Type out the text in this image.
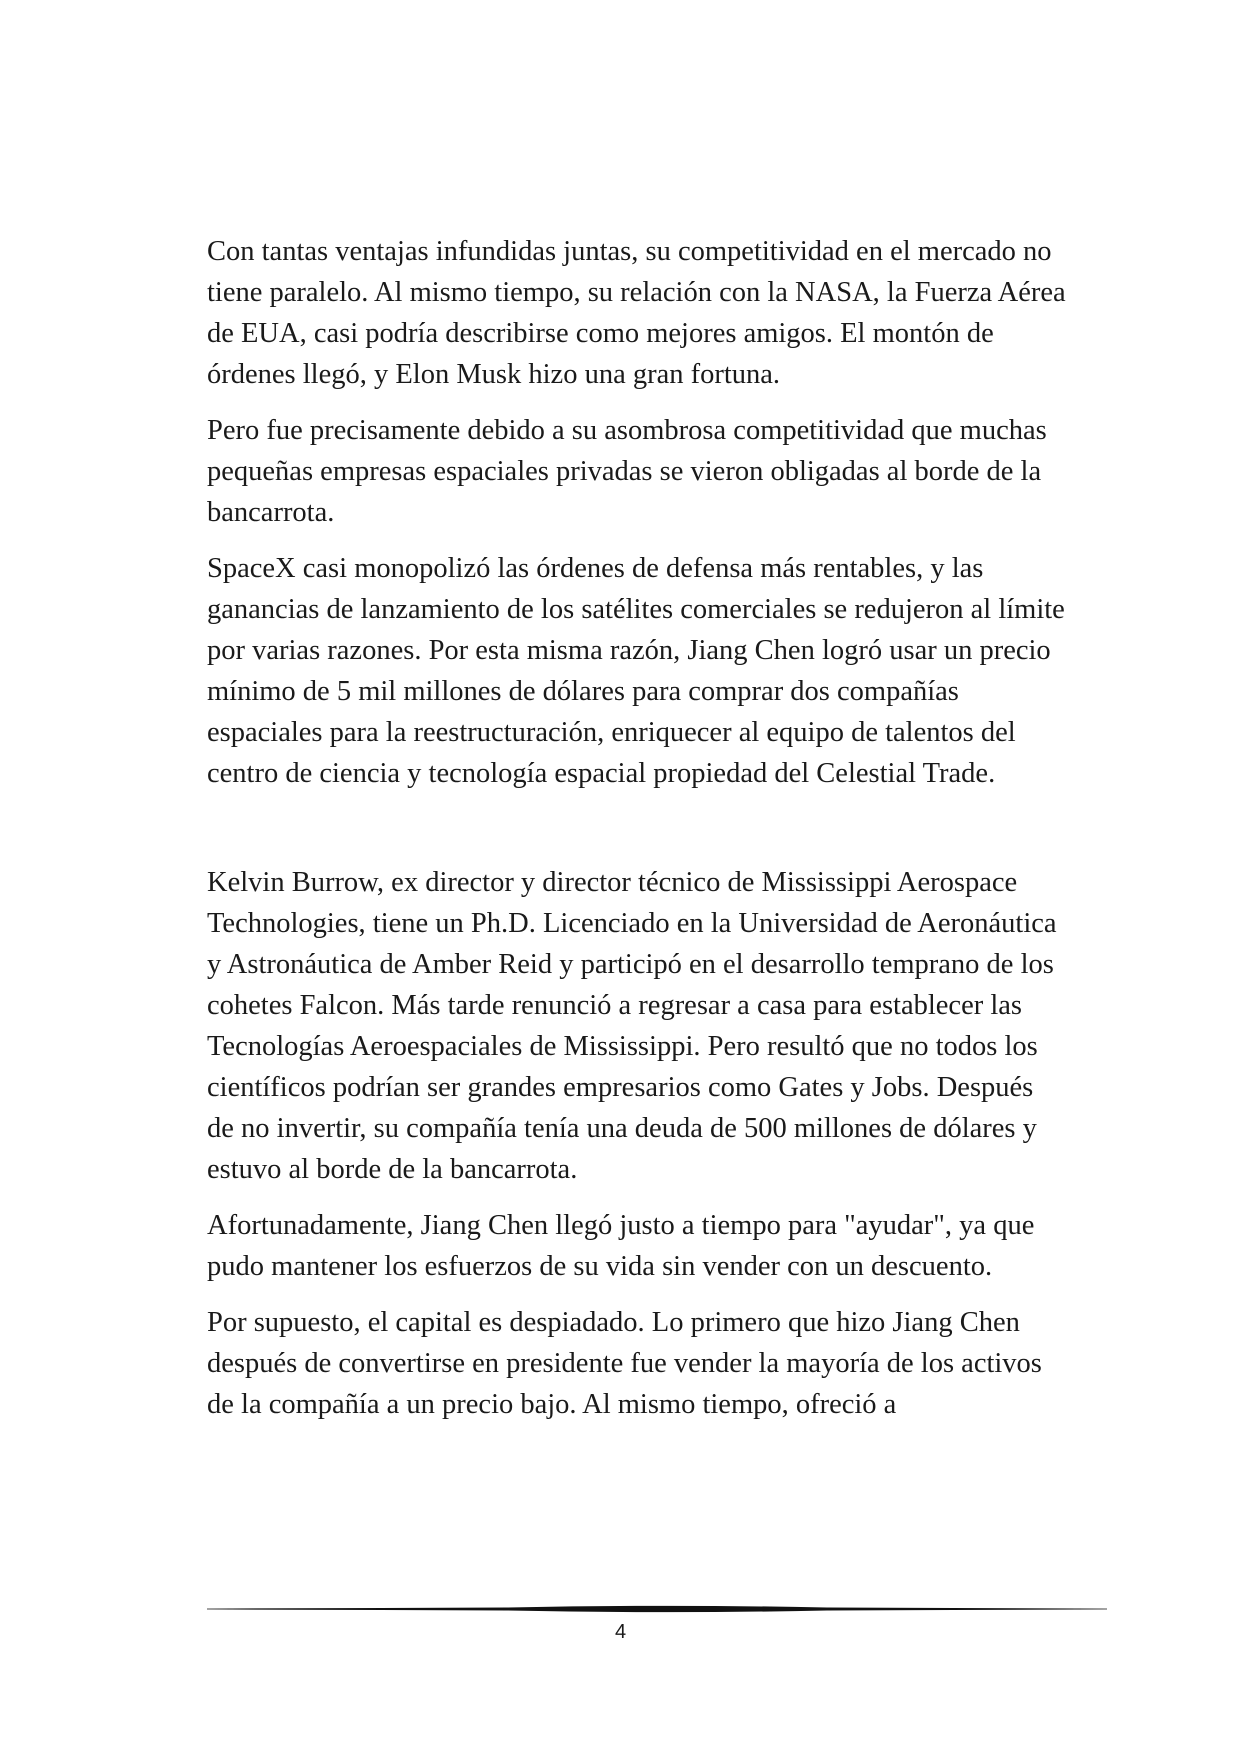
Con tantas ventajas infundidas juntas, su competitividad en el mercado no tiene paralelo. Al mismo tiempo, su relación con la NASA, la Fuerza Aérea de EUA, casi podría describirse como mejores amigos. El montón de órdenes llegó, y Elon Musk hizo una gran fortuna.

Pero fue precisamente debido a su asombrosa competitividad que muchas pequeñas empresas espaciales privadas se vieron obligadas al borde de la bancarrota.

SpaceX casi monopolizó las órdenes de defensa más rentables, y las ganancias de lanzamiento de los satélites comerciales se redujeron al límite por varias razones. Por esta misma razón, Jiang Chen logró usar un precio mínimo de 5 mil millones de dólares para comprar dos compañías espaciales para la reestructuración, enriquecer al equipo de talentos del centro de ciencia y tecnología espacial propiedad del Celestial Trade.

Kelvin Burrow, ex director y director técnico de Mississippi Aerospace Technologies, tiene un Ph.D. Licenciado en la Universidad de Aeronáutica y Astronáutica de Amber Reid y participó en el desarrollo temprano de los cohetes Falcon. Más tarde renunció a regresar a casa para establecer las Tecnologías Aeroespaciales de Mississippi. Pero resultó que no todos los científicos podrían ser grandes empresarios como Gates y Jobs. Después de no invertir, su compañía tenía una deuda de 500 millones de dólares y estuvo al borde de la bancarrota.

Afortunadamente, Jiang Chen llegó justo a tiempo para "ayudar", ya que pudo mantener los esfuerzos de su vida sin vender con un descuento.

Por supuesto, el capital es despiadado. Lo primero que hizo Jiang Chen después de convertirse en presidente fue vender la mayoría de los activos de la compañía a un precio bajo. Al mismo tiempo, ofreció a

4
